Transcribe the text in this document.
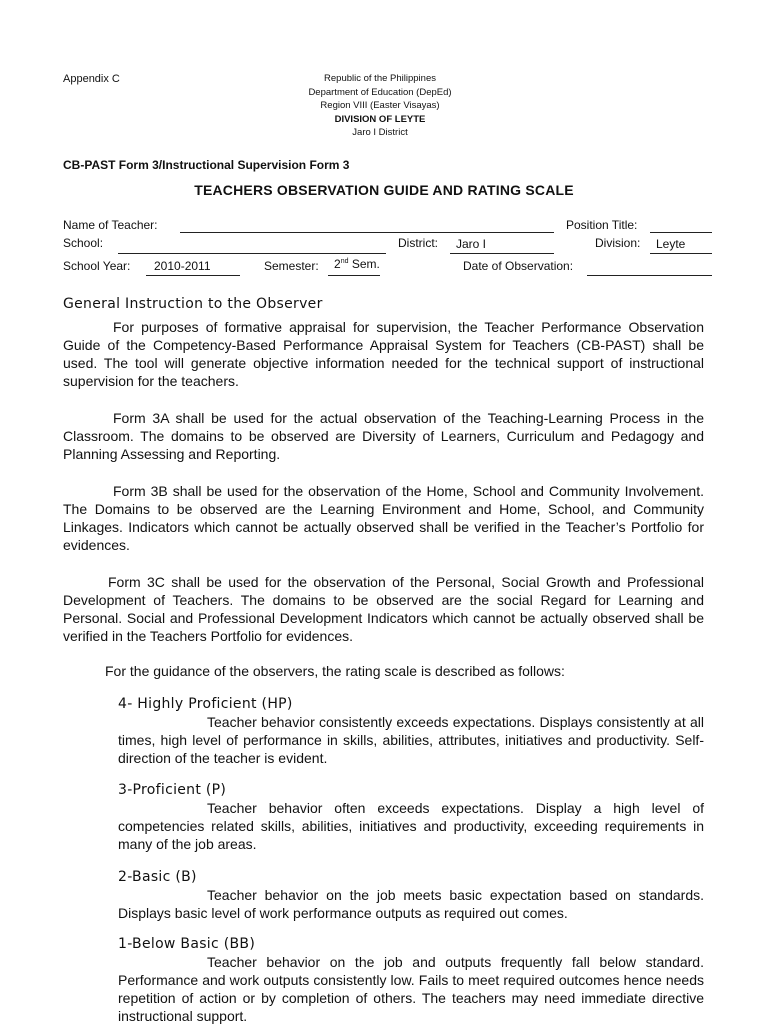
Appendix C	Republic of the Philippines
Department of Education (DepEd)
Region VIII (Easter Visayas)
DIVISION OF LEYTE
Jaro I District
CB-PAST Form 3/Instructional Supervision Form 3
TEACHERS OBSERVATION GUIDE AND RATING SCALE
Name of Teacher:	Position Title:
School:	District: Jaro I	Division: Leyte
School Year: 2010-2011	Semester: 2nd Sem.	Date of Observation:
General Instruction to the Observer

For purposes of formative appraisal for supervision, the Teacher Performance Observation Guide of the Competency-Based Performance Appraisal System for Teachers (CB-PAST) shall be used. The tool will generate objective information needed for the technical support of instructional supervision for the teachers.

Form 3A shall be used for the actual observation of the Teaching-Learning Process in the Classroom. The domains to be observed are Diversity of Learners, Curriculum and Pedagogy and Planning Assessing and Reporting.

Form 3B shall be used for the observation of the Home, School and Community Involvement. The Domains to be observed are the Learning Environment and Home, School, and Community Linkages. Indicators which cannot be actually observed shall be verified in the Teacher’s Portfolio for evidences.

Form 3C shall be used for the observation of the Personal, Social Growth and Professional Development of Teachers. The domains to be observed are the social Regard for Learning and Personal. Social and Professional Development Indicators which cannot be actually observed shall be verified in the Teachers Portfolio for evidences.

For the guidance of the observers, the rating scale is described as follows:
4- Highly Proficient (HP)

Teacher behavior consistently exceeds expectations. Displays consistently at all times, high level of performance in skills, abilities, attributes, initiatives and productivity. Self-direction of the teacher is evident.

3-Proficient (P)

Teacher behavior often exceeds expectations. Display a high level of competencies related skills, abilities, initiatives and productivity, exceeding requirements in many of the job areas.

2-Basic (B)

Teacher behavior on the job meets basic expectation based on standards. Displays basic level of work performance outputs as required out comes.

1-Below Basic (BB)

Teacher behavior on the job and outputs frequently fall below standard. Performance and work outputs consistently low. Fails to meet required outcomes hence needs repetition of action or by completion of others. The teachers may need immediate directive instructional support.
